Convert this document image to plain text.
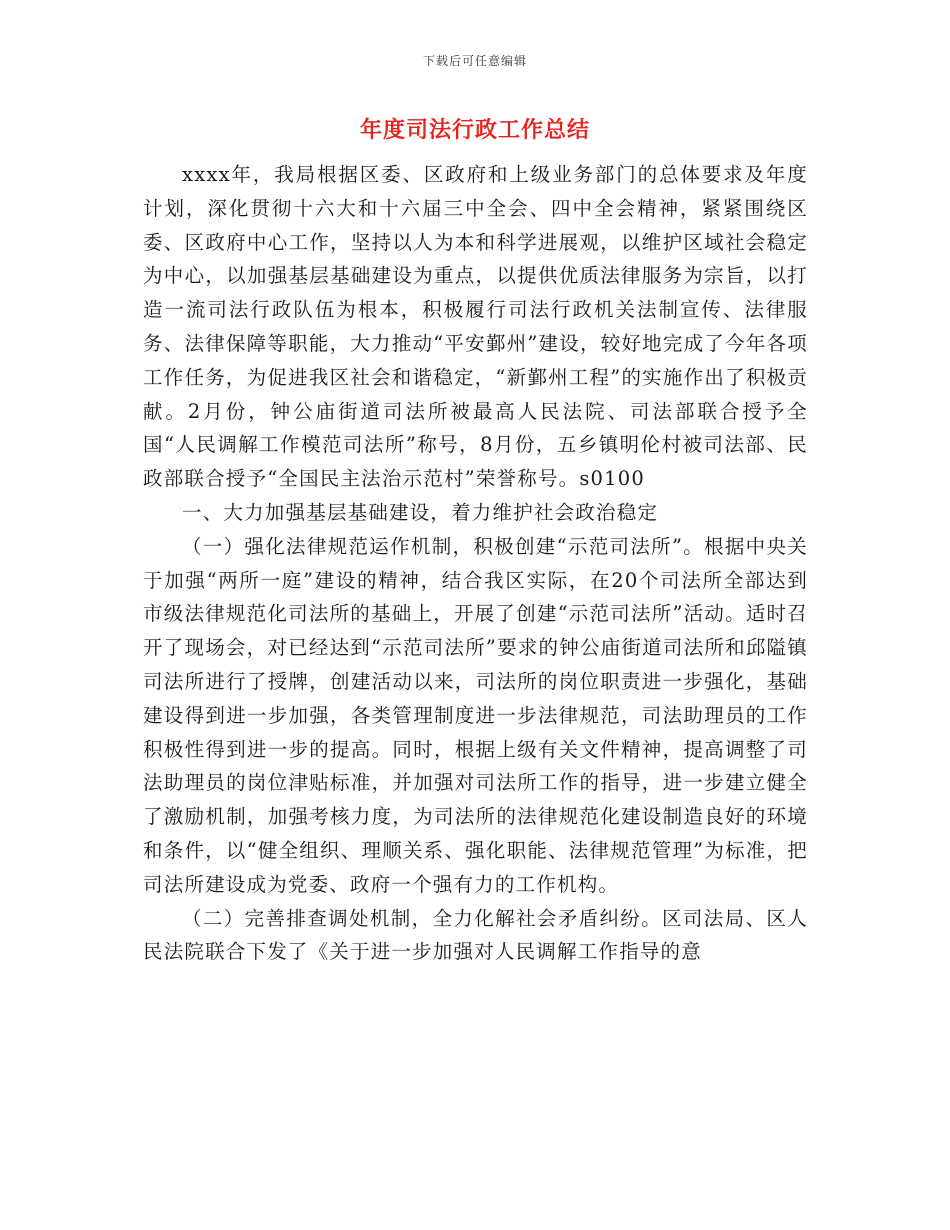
下载后可任意编辑
年度司法行政工作总结

xxxx年，我局根据区委、区政府和上级业务部门的总体要求及年度计划，深化贯彻十六大和十六届三中全会、四中全会精神，紧紧围绕区委、区政府中心工作，坚持以人为本和科学进展观，以维护区域社会稳定为中心，以加强基层基础建设为重点，以提供优质法律服务为宗旨，以打造一流司法行政队伍为根本，积极履行司法行政机关法制宣传、法律服务、法律保障等职能，大力推动“平安鄞州”建设，较好地完成了今年各项工作任务，为促进我区社会和谐稳定，“新鄞州工程”的实施作出了积极贡献。2月份，钟公庙街道司法所被最高人民法院、司法部联合授予全国“人民调解工作模范司法所”称号，8月份，五乡镇明伦村被司法部、民政部联合授予“全国民主法治示范村”荣誉称号。s0100

一、大力加强基层基础建设，着力维护社会政治稳定

（一）强化法律规范运作机制，积极创建“示范司法所”。根据中央关于加强“两所一庭”建设的精神，结合我区实际，在20个司法所全部达到市级法律规范化司法所的基础上，开展了创建“示范司法所”活动。适时召开了现场会，对已经达到“示范司法所”要求的钟公庙街道司法所和邱隘镇司法所进行了授牌，创建活动以来，司法所的岗位职责进一步强化，基础建设得到进一步加强，各类管理制度进一步法律规范，司法助理员的工作积极性得到进一步的提高。同时，根据上级有关文件精神，提高调整了司法助理员的岗位津贴标准，并加强对司法所工作的指导，进一步建立健全了激励机制，加强考核力度，为司法所的法律规范化建设制造良好的环境和条件，以“健全组织、理顺关系、强化职能、法律规范管理”为标准，把司法所建设成为党委、政府一个强有力的工作机构。

（二）完善排查调处机制，全力化解社会矛盾纠纷。区司法局、区人民法院联合下发了《关于进一步加强对人民调解工作指导的意
